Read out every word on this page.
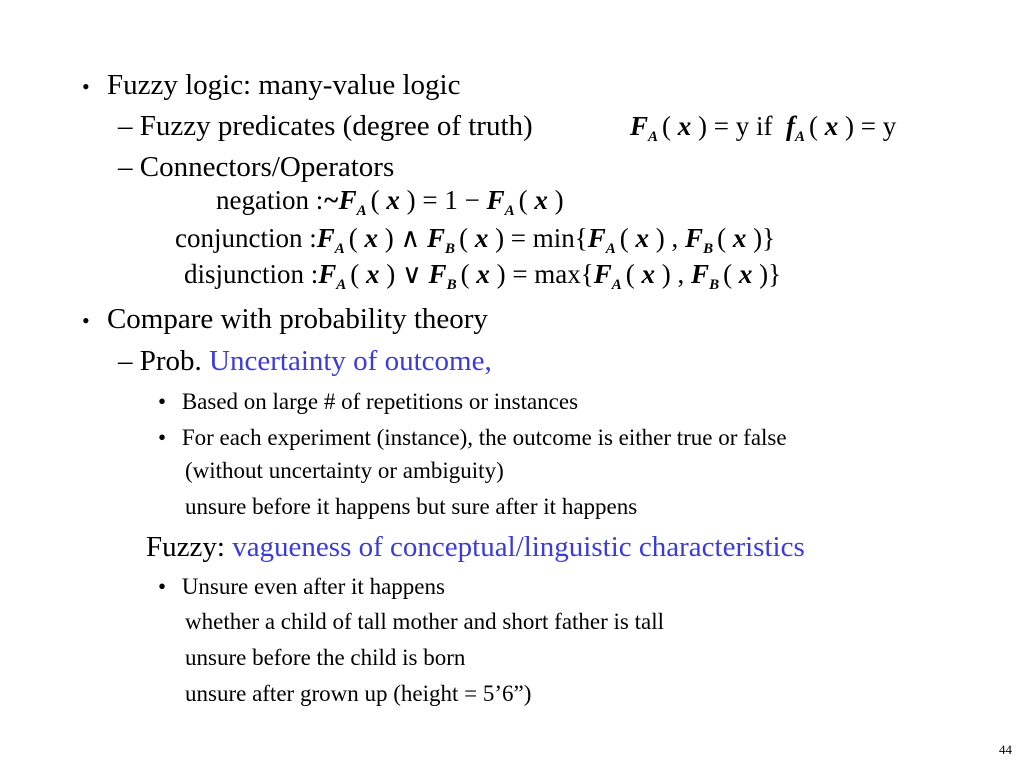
• Fuzzy logic: many-value logic
– Fuzzy predicates (degree of truth)	$F_A$ ( x ) = y if  $f_A$ ( x ) = y
– Connectors/Operators
negation $:\sim F_A$ ( x ) = $1 - F_A$ ( x )
conjunction $:F_A$ ( x ) ∧ $F_B$ ( x ) = $\min\{F_A$ ( x ) , $F_B$ ( x )}
disjunction $:F_A$ ( x ) ∨ $F_B$ ( x ) = $\max\{F_A$ ( x ) , $F_B$ ( x )}
• Compare with probability theory
– Prob. Uncertainty of outcome,
• Based on large # of repetitions or instances
• For each experiment (instance), the outcome is either true or false
(without uncertainty or ambiguity)
unsure before it happens but sure after it happens
Fuzzy: vagueness of conceptual/linguistic characteristics
• Unsure even after it happens
whether a child of tall mother and short father is tall
unsure before the child is born
unsure after grown up (height = 5’6”)
44
